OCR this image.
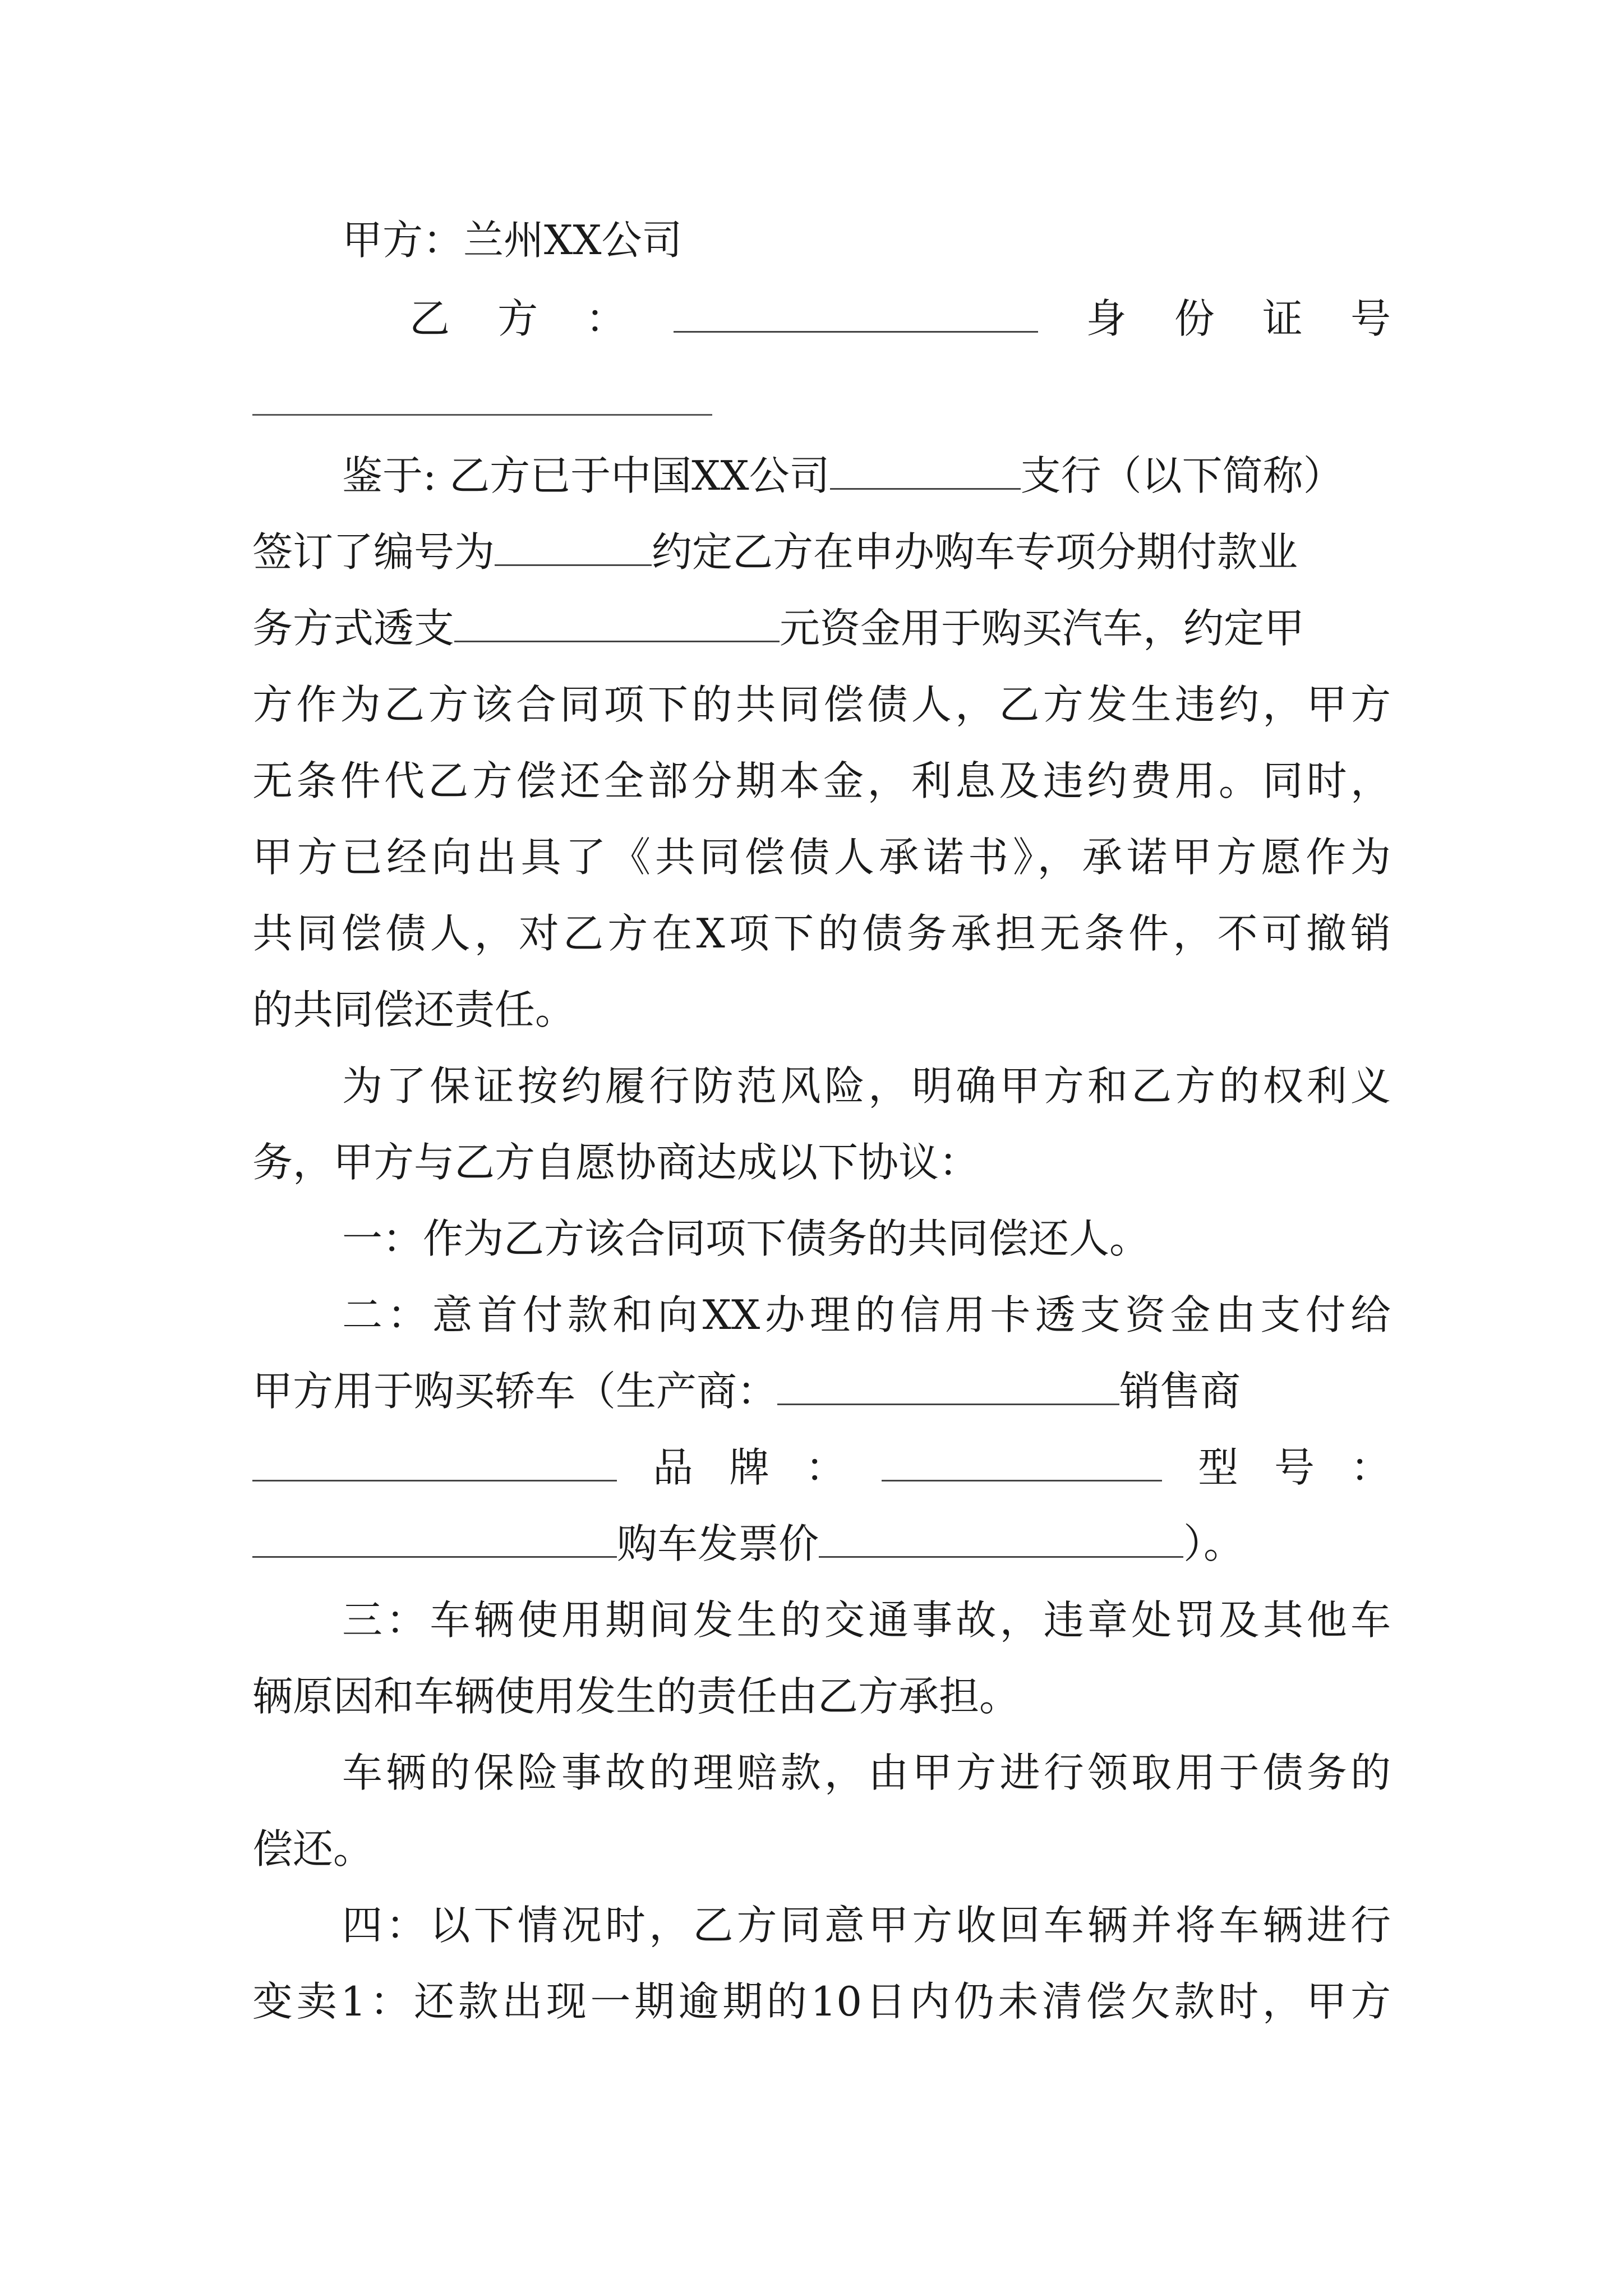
甲方：兰州XX公司
乙 方 ：	身 份 证 号
鉴于: 乙方已于中国XX公司	支行（以下简称）
签订了编号为	约定乙方在申办购车专项分期付款业
务方式透支	元资金用于购买汽车，约定甲
方作为乙方该合同项下的共同偿债人，乙方发生违约，甲方
无条件代乙方偿还全部分期本金，利息及违约费用。同时，
甲方已经向出具了《共同偿债人承诺书》，承诺甲方愿作为
共同偿债人，对乙方在X项下的债务承担无条件，不可撤销
的共同偿还责任。
为了保证按约履行防范风险，明确甲方和乙方的权利义
务，甲方与乙方自愿协商达成以下协议：
一：作为乙方该合同项下债务的共同偿还人。
二：意首付款和向XX办理的信用卡透支资金由支付给
甲方用于购买轿车（生产商：	销售商
品 牌 ：	型 号 ：
购车发票价	）。
三：车辆使用期间发生的交通事故，违章处罚及其他车
辆原因和车辆使用发生的责任由乙方承担。
车辆的保险事故的理赔款，由甲方进行领取用于债务的
偿还。
四：以下情况时，乙方同意甲方收回车辆并将车辆进行
变卖1：还款出现一期逾期的10日内仍未清偿欠款时，甲方
